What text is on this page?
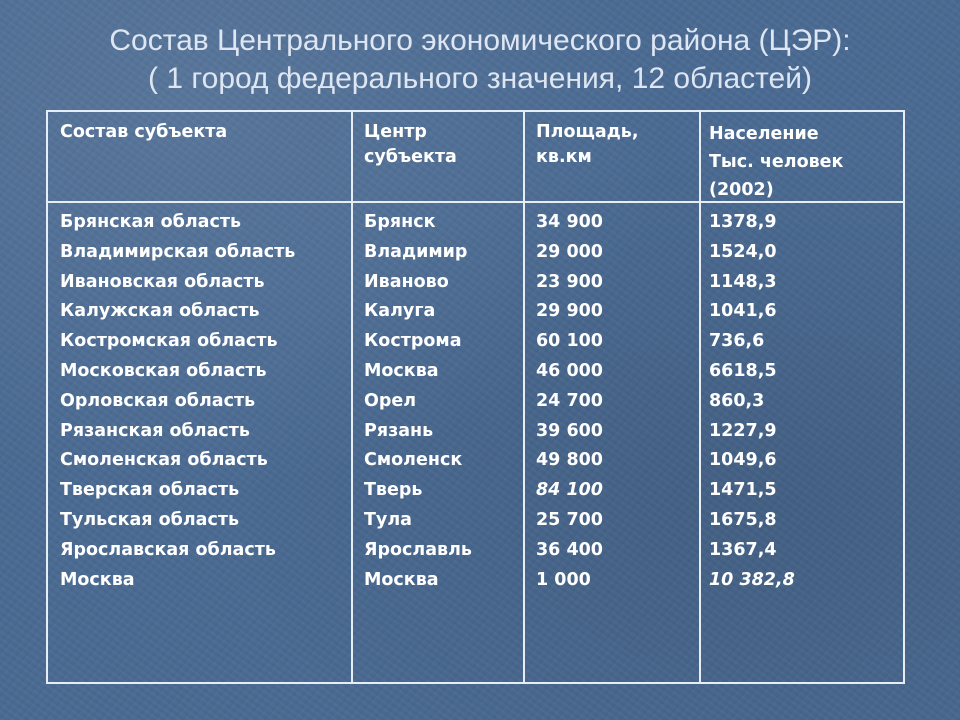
Состав Центрального экономического района (ЦЭР):
( 1 город федерального значения, 12 областей)
Состав субъекта	Центр
субъекта
Площадь,
кв.км
Население
Тыс. человек
(2002)
Брянская область
Владимирская область
Ивановская область
Калужская область
Костромская область
Московская область
Орловская область
Рязанская область
Смоленская область
Тверская область
Тульская область
Ярославская область
Москва
Брянск
Владимир
Иваново
Калуга
Кострома
Москва
Орел
Рязань
Смоленск
Тверь
Тула
Ярославль
Москва
34 900
29 000
23 900
29 900
60 100
46 000
24 700
39 600
49 800
84 100
25 700
36 400
1 000
1378,9
1524,0
1148,3
1041,6
736,6
6618,5
860,3
1227,9
1049,6
1471,5
1675,8
1367,4
10 382,8
